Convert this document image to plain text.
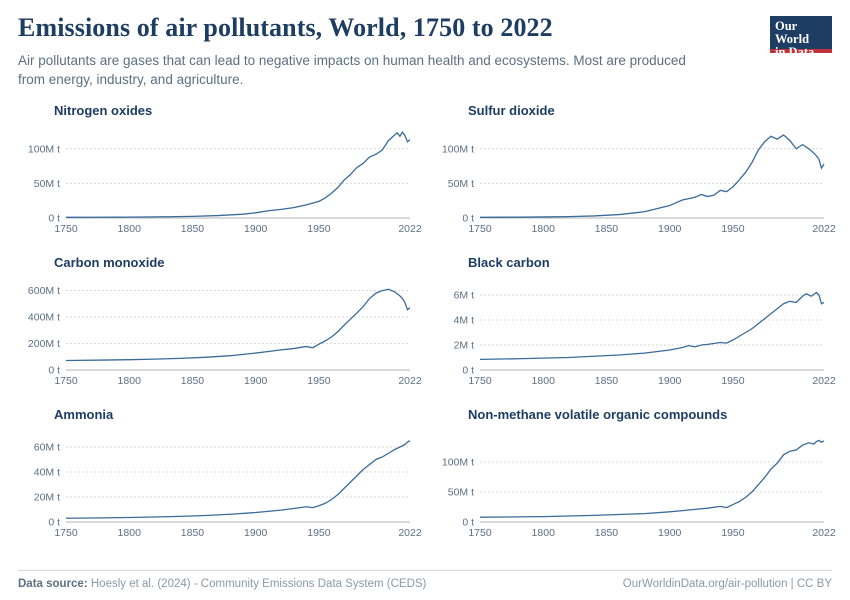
Emissions of air pollutants, World, 1750 to 2022

Air pollutants are gases that can lead to negative impacts on human health and ecosystems. Most are produced from energy, industry, and agriculture.

Our World
in Data
Nitrogen oxides
0 t
50M t
100M t
1750	1800	1850	1900	1950	2022
Sulfur dioxide
0 t
50M t
100M t
1750	1800	1850	1900	1950	2022
Carbon monoxide
0 t
200M t
400M t
600M t
1750	1800	1850	1900	1950	2022
Black carbon
0 t
2M t
4M t
6M t
1750	1800	1850	1900	1950	2022
Ammonia
0 t
20M t
40M t
60M t
1750	1800	1850	1900	1950	2022
Non-methane volatile organic compounds
0 t
50M t
100M t
1750	1800	1850	1900	1950	2022
Data source: Hoesly et al. (2024) - Community Emissions Data System (CEDS)	OurWorldinData.org/air-pollution | CC BY
